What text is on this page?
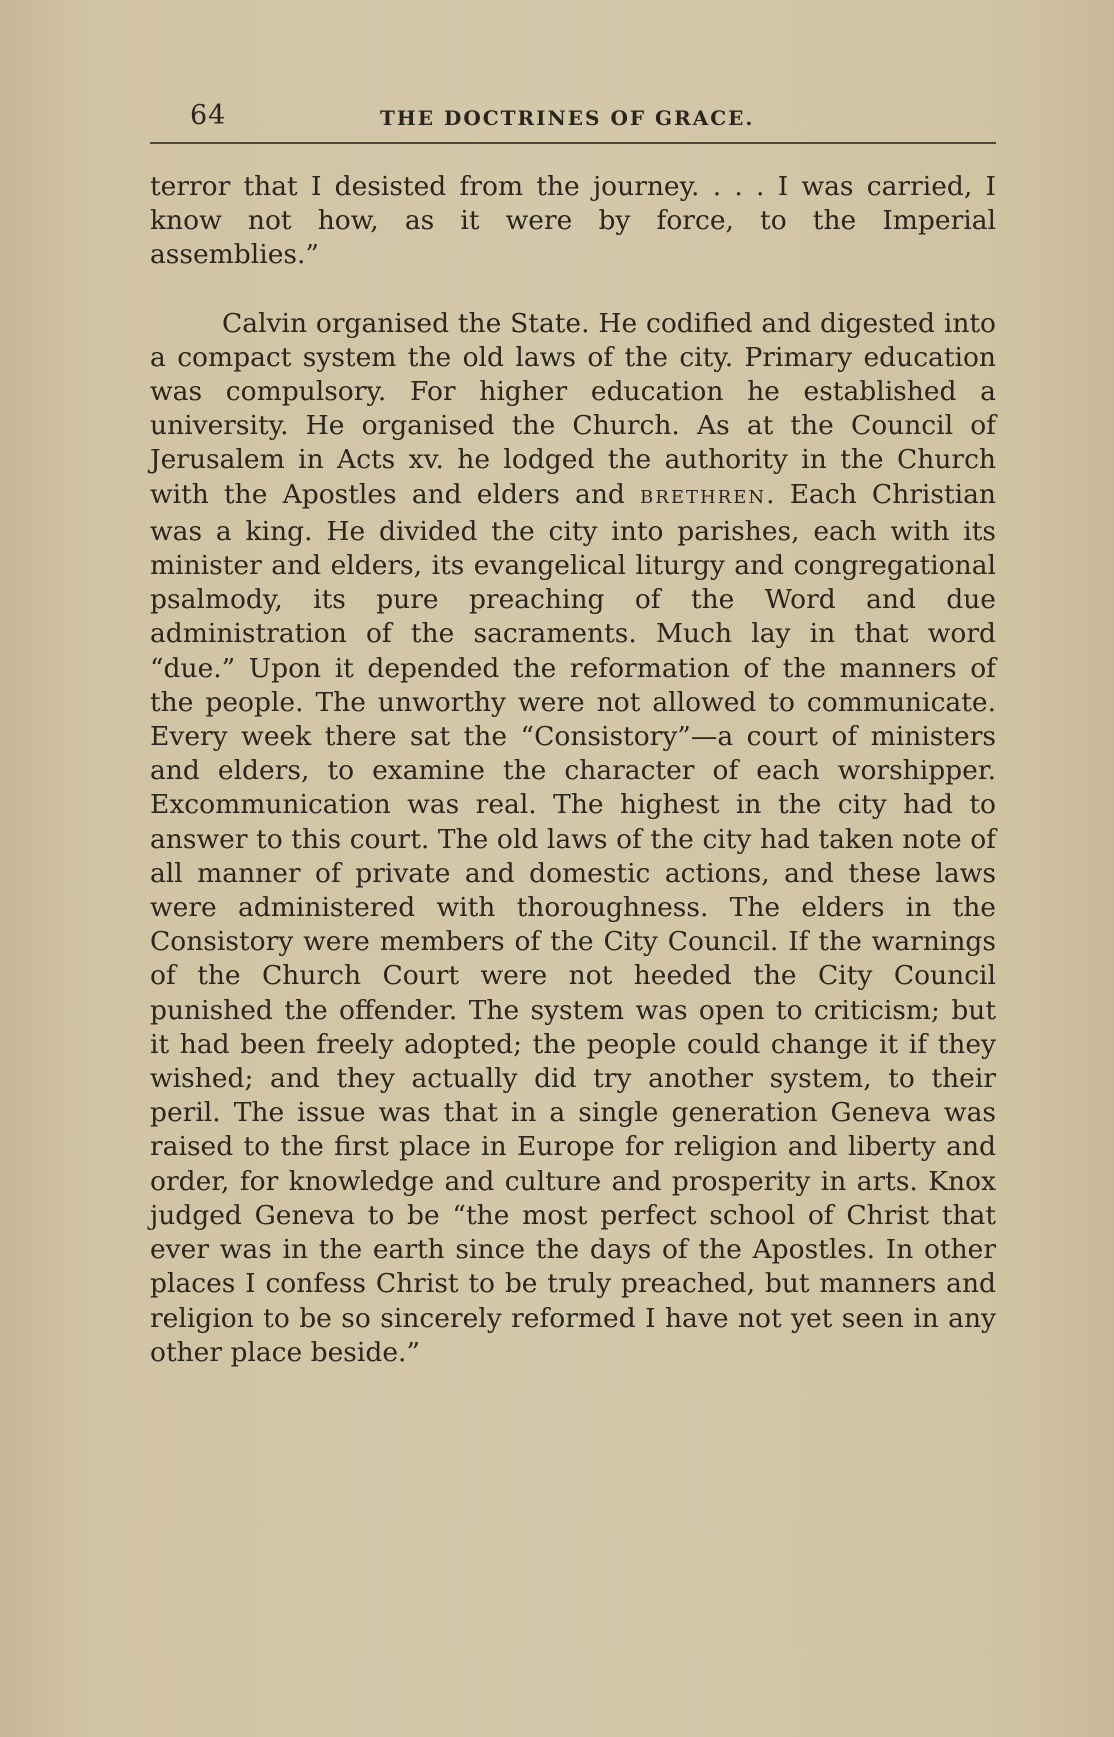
64	THE DOCTRINES OF GRACE.

terror that I desisted from the journey. . . . I was carried, I know not how, as it were by force, to the Imperial assemblies.”

Calvin organised the State. He codified and digested into a compact system the old laws of the city. Primary education was compulsory. For higher education he established a university. He organised the Church. As at the Council of Jerusalem in Acts xv. he lodged the authority in the Church with the Apostles and elders and BRETHREN. Each Christian was a king. He divided the city into parishes, each with its minister and elders, its evangelical liturgy and congregational psalmody, its pure preaching of the Word and due administration of the sacraments. Much lay in that word “due.” Upon it depended the reformation of the manners of the people. The unworthy were not allowed to communicate. Every week there sat the “Consistory”—a court of ministers and elders, to examine the character of each worshipper. Excommunication was real. The highest in the city had to answer to this court. The old laws of the city had taken note of all manner of private and domestic actions, and these laws were administered with thoroughness. The elders in the Consistory were members of the City Council. If the warnings of the Church Court were not heeded the City Council punished the offender. The system was open to criticism; but it had been freely adopted; the people could change it if they wished; and they actually did try another system, to their peril. The issue was that in a single generation Geneva was raised to the first place in Europe for religion and liberty and order, for knowledge and culture and prosperity in arts. Knox judged Geneva to be “the most perfect school of Christ that ever was in the earth since the days of the Apostles. In other places I confess Christ to be truly preached, but manners and religion to be so sincerely reformed I have not yet seen in any other place beside.”
